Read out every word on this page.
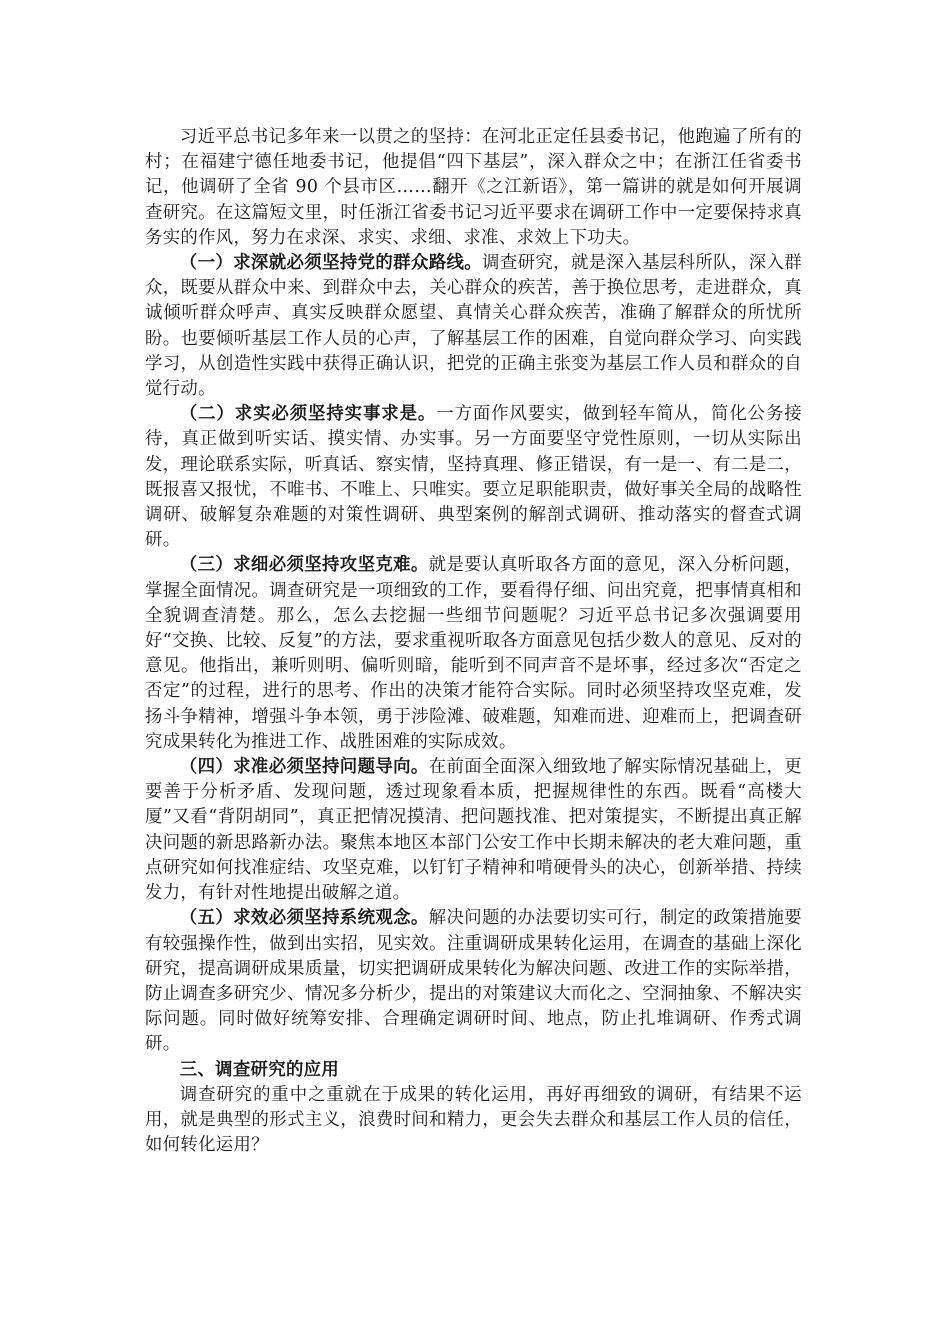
习近平总书记多年来一以贯之的坚持：在河北正定任县委书记，他跑遍了所有的村；在福建宁德任地委书记，他提倡“四下基层”，深入群众之中；在浙江任省委书记，他调研了全省 90 个县市区……翻开《之江新语》，第一篇讲的就是如何开展调查研究。在这篇短文里，时任浙江省委书记习近平要求在调研工作中一定要保持求真务实的作风，努力在求深、求实、求细、求准、求效上下功夫。

（一）求深就必须坚持党的群众路线。调查研究，就是深入基层科所队，深入群众，既要从群众中来、到群众中去，关心群众的疾苦，善于换位思考，走进群众，真诚倾听群众呼声、真实反映群众愿望、真情关心群众疾苦，准确了解群众的所忧所盼。也要倾听基层工作人员的心声，了解基层工作的困难，自觉向群众学习、向实践学习，从创造性实践中获得正确认识，把党的正确主张变为基层工作人员和群众的自觉行动。

（二）求实必须坚持实事求是。一方面作风要实，做到轻车简从，简化公务接待，真正做到听实话、摸实情、办实事。另一方面要坚守党性原则，一切从实际出发，理论联系实际，听真话、察实情，坚持真理、修正错误，有一是一、有二是二，既报喜又报忧，不唯书、不唯上、只唯实。要立足职能职责，做好事关全局的战略性调研、破解复杂难题的对策性调研、典型案例的解剖式调研、推动落实的督查式调研。

（三）求细必须坚持攻坚克难。就是要认真听取各方面的意见，深入分析问题，掌握全面情况。调查研究是一项细致的工作，要看得仔细、问出究竟，把事情真相和全貌调查清楚。那么，怎么去挖掘一些细节问题呢？习近平总书记多次强调要用好“交换、比较、反复”的方法，要求重视听取各方面意见包括少数人的意见、反对的意见。他指出，兼听则明、偏听则暗，能听到不同声音不是坏事，经过多次“否定之否定”的过程，进行的思考、作出的决策才能符合实际。同时必须坚持攻坚克难，发扬斗争精神，增强斗争本领，勇于涉险滩、破难题，知难而进、迎难而上，把调查研究成果转化为推进工作、战胜困难的实际成效。

（四）求准必须坚持问题导向。在前面全面深入细致地了解实际情况基础上，更要善于分析矛盾、发现问题，透过现象看本质，把握规律性的东西。既看“高楼大厦”又看“背阴胡同”，真正把情况摸清、把问题找准、把对策提实，不断提出真正解决问题的新思路新办法。聚焦本地区本部门公安工作中长期未解决的老大难问题，重点研究如何找准症结、攻坚克难，以钉钉子精神和啃硬骨头的决心，创新举措、持续发力，有针对性地提出破解之道。

（五）求效必须坚持系统观念。解决问题的办法要切实可行，制定的政策措施要有较强操作性，做到出实招，见实效。注重调研成果转化运用，在调查的基础上深化研究，提高调研成果质量，切实把调研成果转化为解决问题、改进工作的实际举措，防止调查多研究少、情况多分析少，提出的对策建议大而化之、空洞抽象、不解决实际问题。同时做好统筹安排、合理确定调研时间、地点，防止扎堆调研、作秀式调研。

三、调查研究的应用

调查研究的重中之重就在于成果的转化运用，再好再细致的调研，有结果不运用，就是典型的形式主义，浪费时间和精力，更会失去群众和基层工作人员的信任，如何转化运用？
